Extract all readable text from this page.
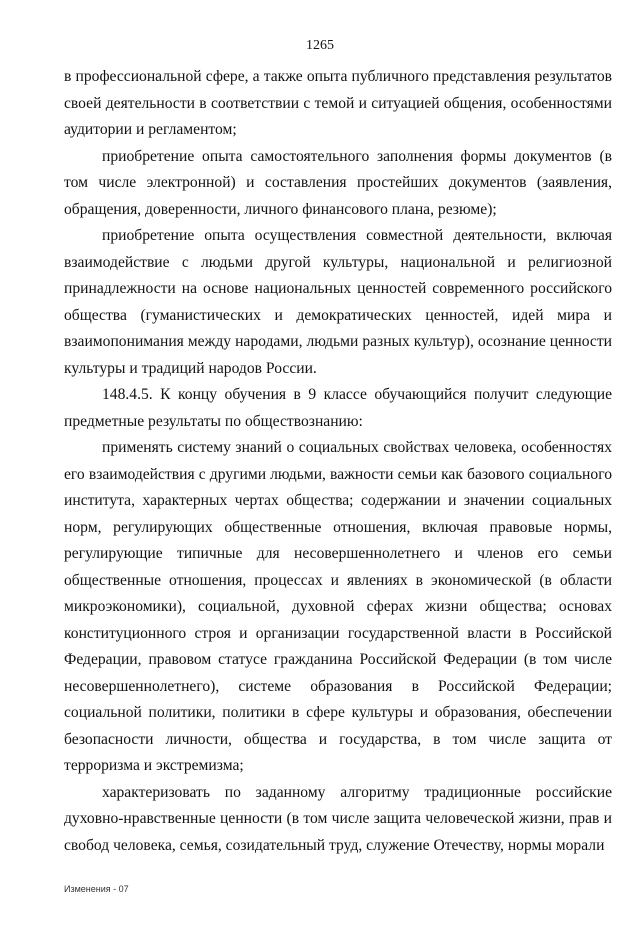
1265

в профессиональной сфере, а также опыта публичного представления результатов своей деятельности в соответствии с темой и ситуацией общения, особенностями аудитории и регламентом;

приобретение опыта самостоятельного заполнения формы документов (в том числе электронной) и составления простейших документов (заявления, обращения, доверенности, личного финансового плана, резюме);

приобретение опыта осуществления совместной деятельности, включая взаимодействие с людьми другой культуры, национальной и религиозной принадлежности на основе национальных ценностей современного российского общества (гуманистических и демократических ценностей, идей мира и взаимопонимания между народами, людьми разных культур), осознание ценности культуры и традиций народов России.

148.4.5. К концу обучения в 9 классе обучающийся получит следующие предметные результаты по обществознанию:

применять систему знаний о социальных свойствах человека, особенностях его взаимодействия с другими людьми, важности семьи как базового социального института, характерных чертах общества; содержании и значении социальных норм, регулирующих общественные отношения, включая правовые нормы, регулирующие типичные для несовершеннолетнего и членов его семьи общественные отношения, процессах и явлениях в экономической (в области микроэкономики), социальной, духовной сферах жизни общества; основах конституционного строя и организации государственной власти в Российской Федерации, правовом статусе гражданина Российской Федерации (в том числе несовершеннолетнего), системе образования в Российской Федерации; социальной политики, политики в сфере культуры и образования, обеспечении безопасности личности, общества и государства, в том числе защита от терроризма и экстремизма;

характеризовать по заданному алгоритму традиционные российские духовно-нравственные ценности (в том числе защита человеческой жизни, прав и свобод человека, семья, созидательный труд, служение Отечеству, нормы морали

Изменения - 07
